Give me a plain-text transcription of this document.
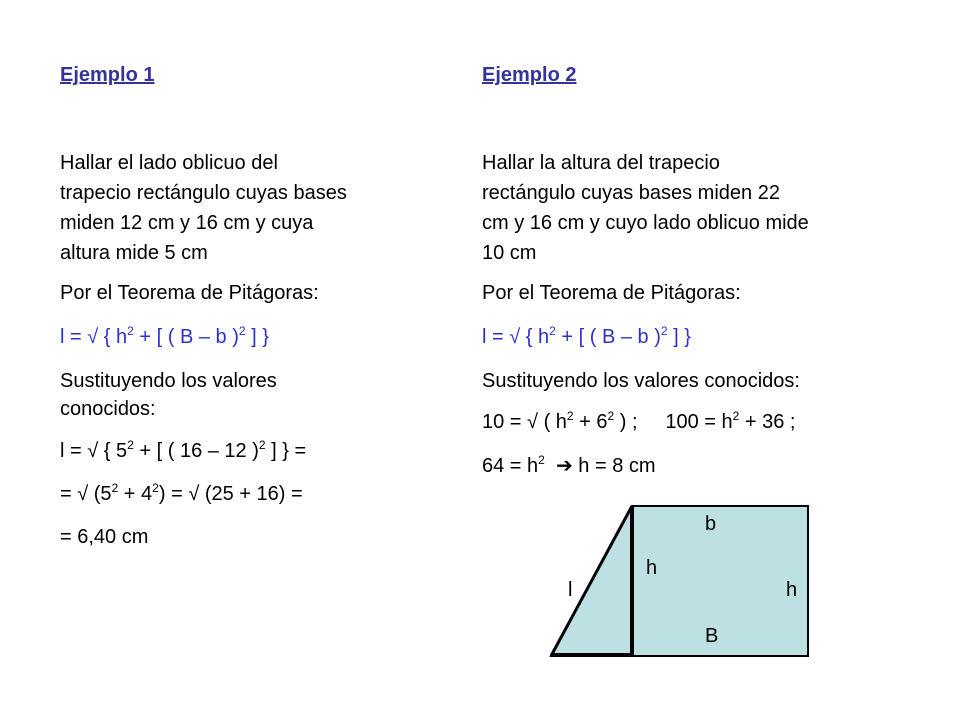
Ejemplo 1
Hallar el lado oblicuo del
trapecio rectángulo cuyas bases
miden 12 cm y 16 cm y cuya
altura mide 5 cm
Por el Teorema de Pitágoras:
l = √ { $h^2$ + [ ( B – b )$^2$ ] }
Sustituyendo los valores
conocidos:
l = √ { $5^2$ + [ ( 16 – 12 )$^2$ ] } =
= √ $(5^2 + 4^2)$ = √ (25 + 16) =
= 6,40 cm
Ejemplo 2
Hallar la altura del trapecio
rectángulo cuyas bases miden 22
cm y 16 cm y cuyo lado oblicuo mide
10 cm
Por el Teorema de Pitágoras:
l = √ { $h^2$ + [ ( B – b )$^2$ ] }
Sustituyendo los valores conocidos:
10 = √ ( $h^2 + 6^2$ ) ;     $100 = h^2 + 36$ ;
$64 = h^2$ ➔ h = 8 cm
b
h
l	h
B
